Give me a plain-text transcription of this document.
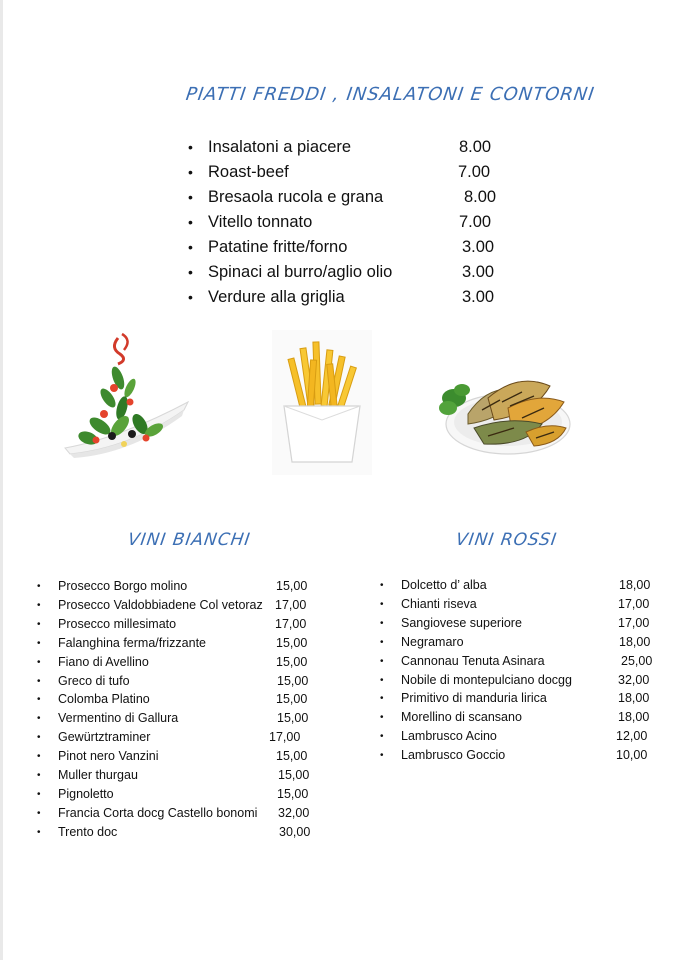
PIATTI FREDDI , INSALATONI E CONTORNI
• Insalatoni a piacere	8.00
• Roast-beef	7.00
• Bresaola rucola e grana	8.00
• Vitello tonnato	7.00
• Patatine fritte/forno	3.00
• Spinaci al burro/aglio olio	3.00
• Verdure alla griglia	3.00
VINI BIANCHI	VINI ROSSI
• Prosecco Borgo molino	15,00
• Prosecco Valdobbiadene Col vetoraz 17,00
• Prosecco millesimato	17,00
• Falanghina ferma/frizzante	15,00
• Fiano di Avellino	15,00
• Greco di tufo	15,00
• Colomba Platino	15,00
• Vermentino di Gallura	15,00
• Gewürtztraminer	17,00
• Pinot nero Vanzini	15,00
• Muller thurgau	15,00
• Pignoletto	15,00
• Francia Corta docg Castello bonomi 32,00
• Trento doc	30,00
• Dolcetto d’ alba	18,00
• Chianti riseva	17,00
• Sangiovese superiore	17,00
• Negramaro	18,00
• Cannonau Tenuta Asinara	25,00
• Nobile di montepulciano docgg	32,00
• Primitivo di manduria lirica	18,00
• Morellino di scansano	18,00
• Lambrusco Acino	12,00
• Lambrusco Goccio	10,00
